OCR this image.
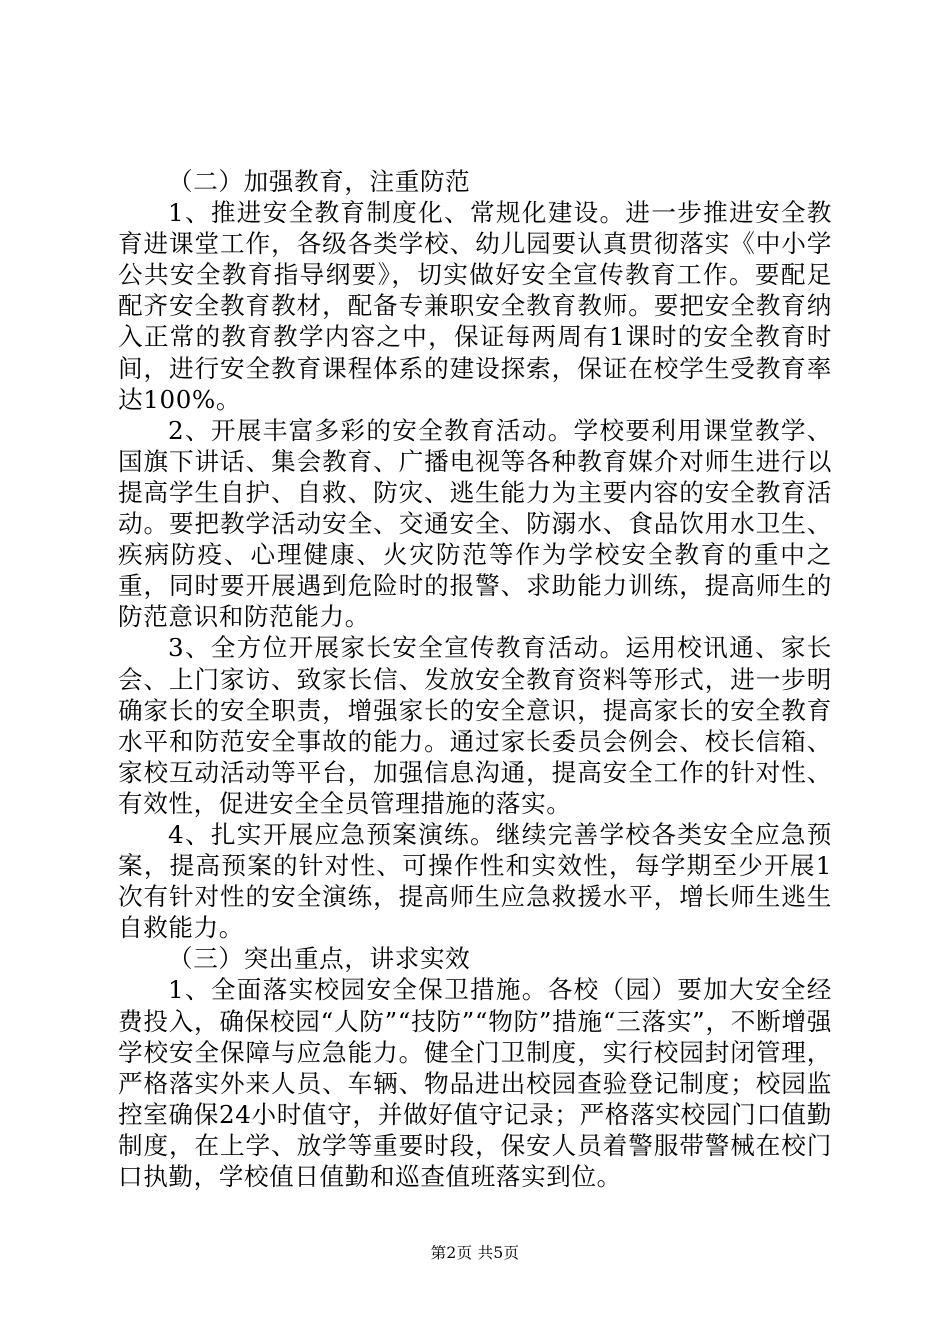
（二）加强教育，注重防范

1、推进安全教育制度化、常规化建设。进一步推进安全教育进课堂工作，各级各类学校、幼儿园要认真贯彻落实《中小学公共安全教育指导纲要》，切实做好安全宣传教育工作。要配足配齐安全教育教材，配备专兼职安全教育教师。要把安全教育纳入正常的教育教学内容之中，保证每两周有1课时的安全教育时间，进行安全教育课程体系的建设探索，保证在校学生受教育率达100%。

2、开展丰富多彩的安全教育活动。学校要利用课堂教学、国旗下讲话、集会教育、广播电视等各种教育媒介对师生进行以提高学生自护、自救、防灾、逃生能力为主要内容的安全教育活动。要把教学活动安全、交通安全、防溺水、食品饮用水卫生、疾病防疫、心理健康、火灾防范等作为学校安全教育的重中之重，同时要开展遇到危险时的报警、求助能力训练，提高师生的防范意识和防范能力。

3、全方位开展家长安全宣传教育活动。运用校讯通、家长会、上门家访、致家长信、发放安全教育资料等形式，进一步明确家长的安全职责，增强家长的安全意识，提高家长的安全教育水平和防范安全事故的能力。通过家长委员会例会、校长信箱、家校互动活动等平台，加强信息沟通，提高安全工作的针对性、有效性，促进安全全员管理措施的落实。

4、扎实开展应急预案演练。继续完善学校各类安全应急预案，提高预案的针对性、可操作性和实效性，每学期至少开展1次有针对性的安全演练，提高师生应急救援水平，增长师生逃生自救能力。

（三）突出重点，讲求实效

1、全面落实校园安全保卫措施。各校（园）要加大安全经费投入，确保校园“人防”“技防”“物防”措施“三落实”，不断增强学校安全保障与应急能力。健全门卫制度，实行校园封闭管理，严格落实外来人员、车辆、物品进出校园查验登记制度；校园监控室确保24小时值守，并做好值守记录；严格落实校园门口值勤制度，在上学、放学等重要时段，保安人员着警服带警械在校门口执勤，学校值日值勤和巡查值班落实到位。

第2页 共5页
